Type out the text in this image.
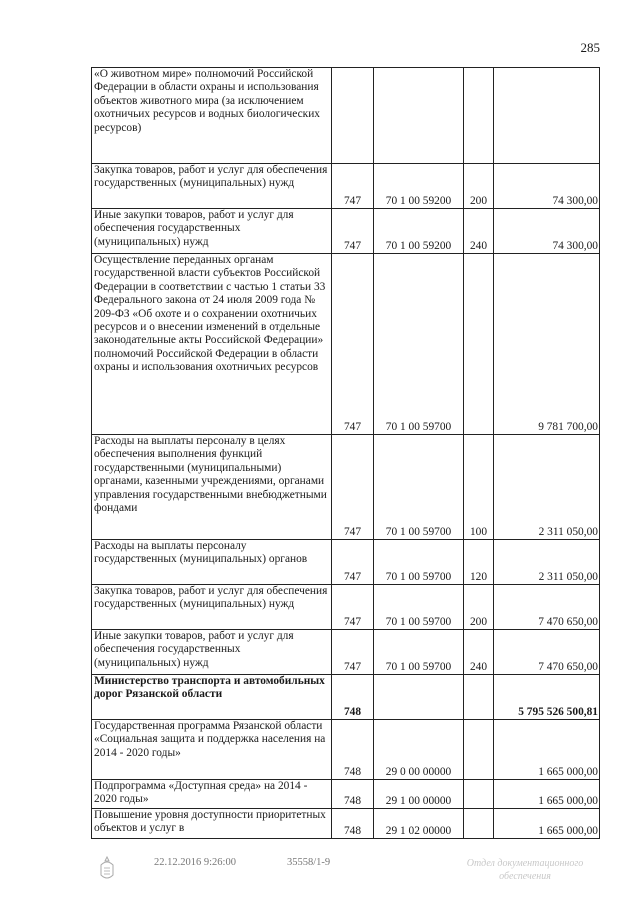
285
«О животном мире» полномочий Российской Федерации в области охраны и использования объектов животного мира (за исключением охотничьих ресурсов и водных биологических ресурсов)				
Закупка товаров, работ и услуг для обеспечения государственных (муниципальных) нужд	747	70 1 00 59200	200	74 300,00
Иные закупки товаров, работ и услуг для обеспечения государственных (муниципальных) нужд	747	70 1 00 59200	240	74 300,00
Осуществление переданных органам государственной власти субъектов Российской Федерации в соответствии с частью 1 статьи 33 Федерального закона от 24 июля 2009 года № 209-ФЗ «Об охоте и о сохранении охотничьих ресурсов и о внесении изменений в отдельные законодательные акты Российской Федерации» полномочий Российской Федерации в области охраны и использования охотничьих ресурсов	747	70 1 00 59700		9 781 700,00
Расходы на выплаты персоналу в целях обеспечения выполнения функций государственными (муниципальными) органами, казенными учреждениями, органами управления государственными внебюджетными фондами	747	70 1 00 59700	100	2 311 050,00
Расходы на выплаты персоналу государственных (муниципальных) органов	747	70 1 00 59700	120	2 311 050,00
Закупка товаров, работ и услуг для обеспечения государственных (муниципальных) нужд	747	70 1 00 59700	200	7 470 650,00
Иные закупки товаров, работ и услуг для обеспечения государственных (муниципальных) нужд	747	70 1 00 59700	240	7 470 650,00
Министерство транспорта и автомобильных дорог Рязанской области	748			5 795 526 500,81
Государственная программа Рязанской области «Социальная защита и поддержка населения на 2014 - 2020 годы»	748	29 0 00 00000		1 665 000,00
Подпрограмма «Доступная среда» на 2014 - 2020 годы»	748	29 1 00 00000		1 665 000,00
Повышение уровня доступности приоритетных объектов и услуг в	748	29 1 02 00000		1 665 000,00
22.12.2016 9:26:00	35558/1-9	Отдел документационного обеспечения
